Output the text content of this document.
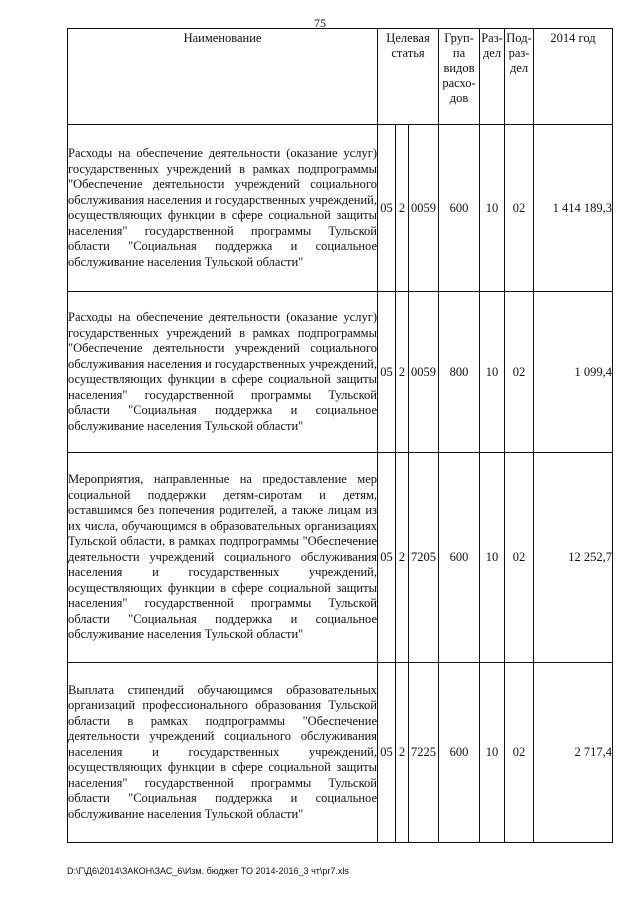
75
Наименование	Целевая статья			Груп-па видов расхо-дов	Раз-дел	Под-раз-дел	2014 год
Расходы на обеспечение деятельности (оказание услуг) государственных учреждений в рамках подпрограммы "Обеспечение деятельности учреждений социального обслуживания населения и государственных учреждений, осуществляющих функции в сфере социальной защиты населения" государственной программы Тульской области "Социальная поддержка и социальное обслуживание населения Тульской области"	05	2	0059	600	10	02	1 414 189,3
Расходы на обеспечение деятельности (оказание услуг) государственных учреждений в рамках подпрограммы "Обеспечение деятельности учреждений социального обслуживания населения и государственных учреждений, осуществляющих функции в сфере социальной защиты населения" государственной программы Тульской области "Социальная поддержка и социальное обслуживание населения Тульской области"	05	2	0059	800	10	02	1 099,4
Мероприятия, направленные на предоставление мер социальной поддержки детям-сиротам и детям, оставшимся без попечения родителей, а также лицам из их числа, обучающимся в образовательных организациях Тульской области, в рамках подпрограммы "Обеспечение деятельности учреждений социального обслуживания населения и государственных учреждений, осуществляющих функции в сфере социальной защиты населения" государственной программы Тульской области "Социальная поддержка и социальное обслуживание населения Тульской области"	05	2	7205	600	10	02	12 252,7
Выплата стипендий обучающимся образовательных организаций профессионального образования Тульской области в рамках подпрограммы "Обеспечение деятельности учреждений социального обслуживания населения и государственных учреждений, осуществляющих функции в сфере социальной защиты населения" государственной программы Тульской области "Социальная поддержка и социальное обслуживание населения Тульской области"	05	2	7225	600	10	02	2 717,4
D:\Г\Д6\2014\ЗАКОН\ЗАС_6\Изм. бюджет ТО 2014-2016_3 чт\pr7.xls
